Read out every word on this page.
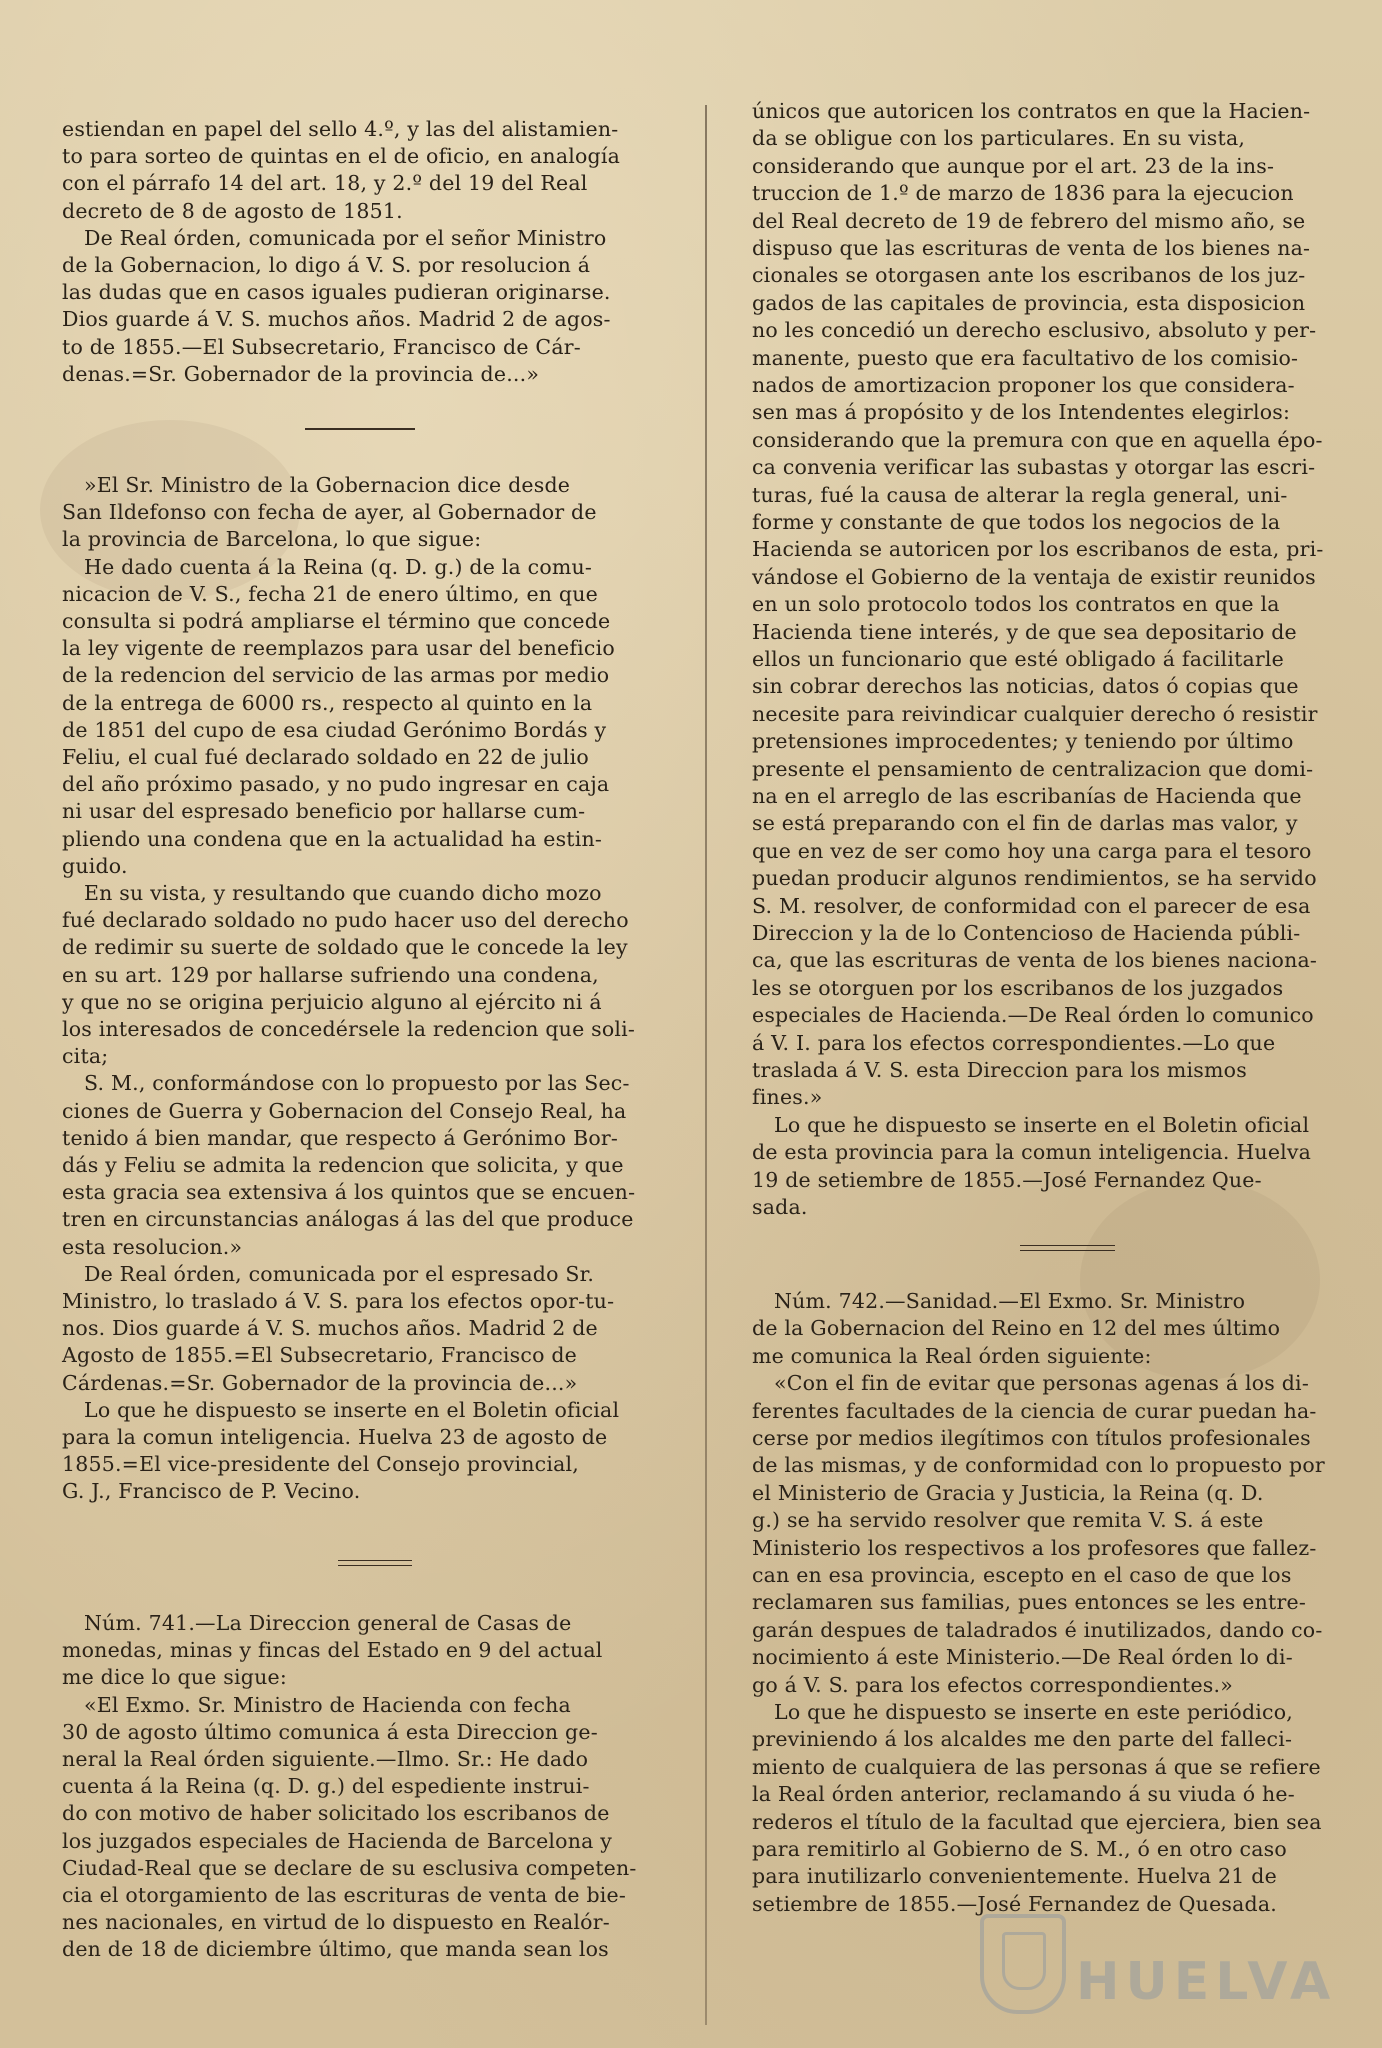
estiendan en papel del sello 4.º, y las del alistamien-
to para sorteo de quintas en el de oficio, en analogía
con el párrafo 14 del art. 18, y 2.º del 19 del Real
decreto de 8 de agosto de 1851.
De Real órden, comunicada por el señor Ministro
de la Gobernacion, lo digo á V. S. por resolucion á
las dudas que en casos iguales pudieran originarse.
Dios guarde á V. S. muchos años. Madrid 2 de agos-
to de 1855.—El Subsecretario, Francisco de Cár-
denas.=Sr. Gobernador de la provincia de...»
»El Sr. Ministro de la Gobernacion dice desde
San Ildefonso con fecha de ayer, al Gobernador de
la provincia de Barcelona, lo que sigue:
He dado cuenta á la Reina (q. D. g.) de la comu-
nicacion de V. S., fecha 21 de enero último, en que
consulta si podrá ampliarse el término que concede
la ley vigente de reemplazos para usar del beneficio
de la redencion del servicio de las armas por medio
de la entrega de 6000 rs., respecto al quinto en la
de 1851 del cupo de esa ciudad Gerónimo Bordás y
Feliu, el cual fué declarado soldado en 22 de julio
del año próximo pasado, y no pudo ingresar en caja
ni usar del espresado beneficio por hallarse cum-
pliendo una condena que en la actualidad ha estin-
guido.
En su vista, y resultando que cuando dicho mozo
fué declarado soldado no pudo hacer uso del derecho
de redimir su suerte de soldado que le concede la ley
en su art. 129 por hallarse sufriendo una condena,
y que no se origina perjuicio alguno al ejército ni á
los interesados de concedérsele la redencion que soli-
cita;
S. M., conformándose con lo propuesto por las Sec-
ciones de Guerra y Gobernacion del Consejo Real, ha
tenido á bien mandar, que respecto á Gerónimo Bor-
dás y Feliu se admita la redencion que solicita, y que
esta gracia sea extensiva á los quintos que se encuen-
tren en circunstancias análogas á las del que produce
esta resolucion.»
De Real órden, comunicada por el espresado Sr.
Ministro, lo traslado á V. S. para los efectos opor-tu-
nos. Dios guarde á V. S. muchos años. Madrid 2 de
Agosto de 1855.=El Subsecretario, Francisco de
Cárdenas.=Sr. Gobernador de la provincia de...»
Lo que he dispuesto se inserte en el Boletin oficial
para la comun inteligencia. Huelva 23 de agosto de
1855.=El vice-presidente del Consejo provincial,
G. J., Francisco de P. Vecino.
Núm. 741.—La Direccion general de Casas de
monedas, minas y fincas del Estado en 9 del actual
me dice lo que sigue:
«El Exmo. Sr. Ministro de Hacienda con fecha
30 de agosto último comunica á esta Direccion ge-
neral la Real órden siguiente.—Ilmo. Sr.: He dado
cuenta á la Reina (q. D. g.) del espediente instrui-
do con motivo de haber solicitado los escribanos de
los juzgados especiales de Hacienda de Barcelona y
Ciudad-Real que se declare de su esclusiva competen-
cia el otorgamiento de las escrituras de venta de bie-
nes nacionales, en virtud de lo dispuesto en Realór-
den de 18 de diciembre último, que manda sean los
únicos que autoricen los contratos en que la Hacien-
da se obligue con los particulares. En su vista,
considerando que aunque por el art. 23 de la ins-
truccion de 1.º de marzo de 1836 para la ejecucion
del Real decreto de 19 de febrero del mismo año, se
dispuso que las escrituras de venta de los bienes na-
cionales se otorgasen ante los escribanos de los juz-
gados de las capitales de provincia, esta disposicion
no les concedió un derecho esclusivo, absoluto y per-
manente, puesto que era facultativo de los comisio-
nados de amortizacion proponer los que considera-
sen mas á propósito y de los Intendentes elegirlos:
considerando que la premura con que en aquella épo-
ca convenia verificar las subastas y otorgar las escri-
turas, fué la causa de alterar la regla general, uni-
forme y constante de que todos los negocios de la
Hacienda se autoricen por los escribanos de esta, pri-
vándose el Gobierno de la ventaja de existir reunidos
en un solo protocolo todos los contratos en que la
Hacienda tiene interés, y de que sea depositario de
ellos un funcionario que esté obligado á facilitarle
sin cobrar derechos las noticias, datos ó copias que
necesite para reivindicar cualquier derecho ó resistir
pretensiones improcedentes; y teniendo por último
presente el pensamiento de centralizacion que domi-
na en el arreglo de las escribanías de Hacienda que
se está preparando con el fin de darlas mas valor, y
que en vez de ser como hoy una carga para el tesoro
puedan producir algunos rendimientos, se ha servido
S. M. resolver, de conformidad con el parecer de esa
Direccion y la de lo Contencioso de Hacienda públi-
ca, que las escrituras de venta de los bienes naciona-
les se otorguen por los escribanos de los juzgados
especiales de Hacienda.—De Real órden lo comunico
á V. I. para los efectos correspondientes.—Lo que
traslada á V. S. esta Direccion para los mismos
fines.»
Lo que he dispuesto se inserte en el Boletin oficial
de esta provincia para la comun inteligencia. Huelva
19 de setiembre de 1855.—José Fernandez Que-
sada.
Núm. 742.—Sanidad.—El Exmo. Sr. Ministro
de la Gobernacion del Reino en 12 del mes último
me comunica la Real órden siguiente:
«Con el fin de evitar que personas agenas á los di-
ferentes facultades de la ciencia de curar puedan ha-
cerse por medios ilegítimos con títulos profesionales
de las mismas, y de conformidad con lo propuesto por
el Ministerio de Gracia y Justicia, la Reina (q. D.
g.) se ha servido resolver que remita V. S. á este
Ministerio los respectivos a los profesores que fallez-
can en esa provincia, escepto en el caso de que los
reclamaren sus familias, pues entonces se les entre-
garán despues de taladrados é inutilizados, dando co-
nocimiento á este Ministerio.—De Real órden lo di-
go á V. S. para los efectos correspondientes.»
Lo que he dispuesto se inserte en este periódico,
previniendo á los alcaldes me den parte del falleci-
miento de cualquiera de las personas á que se refiere
la Real órden anterior, reclamando á su viuda ó he-
rederos el título de la facultad que ejerciera, bien sea
para remitirlo al Gobierno de S. M., ó en otro caso
para inutilizarlo convenientemente. Huelva 21 de
setiembre de 1855.—José Fernandez de Quesada.
HUELVA
